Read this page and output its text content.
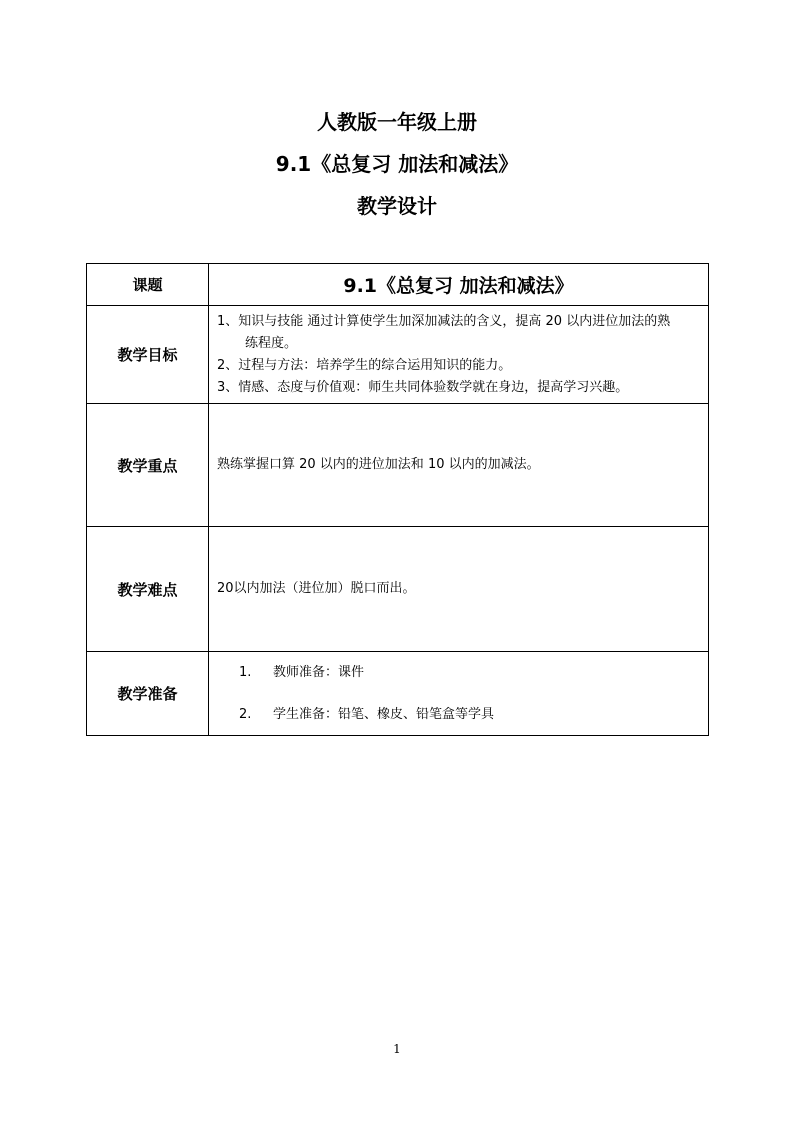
人教版一年级上册
9.1《总复习 加法和减法》
教学设计
课题	9.1《总复习 加法和减法》
教学目标	1、知识与技能 通过计算使学生加深加减法的含义，提高 20 以内进位加法的熟
练程度。
2、过程与方法：培养学生的综合运用知识的能力。
3、情感、态度与价值观：师生共同体验数学就在身边，提高学习兴趣。

教学重点	熟练掌握口算 20 以内的进位加法和 10 以内的加减法。
教学难点	20以内加法（进位加）脱口而出。
教学准备	1. 教师准备：课件
2. 学生准备：铅笔、橡皮、铅笔盒等学具
1
